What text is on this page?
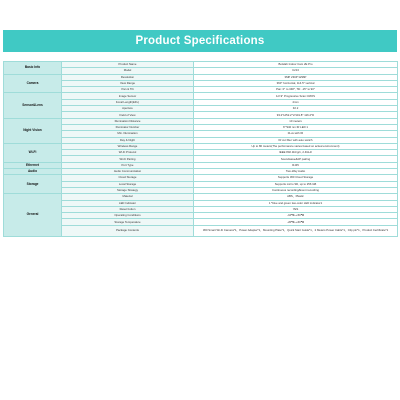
Product Specifications
Basic Info	Product Name	Botslab Indoor Cam 2E Pro
	Model	C213
Camera	Resolution	3MP 2304*1296P
	View Range	360° horizontal, 114.5° vertical
	Pan & Tilt	Pan: 0° to 348°, Tilt: -15° to 90°
Sensor&Lens	Image Sensor	1/2.9" Progressive Scan CMOS
	Focal Length(EFL)	4mm
	Aperture	F2.2
	Field of View	93.2°H/52.2°V/101.8° 116.2°D
Night Vision	Illumination Distance	10 meters
	Illuminator Number	8 *940 nm IR LED 1
	Min. Illumination	0Lux with IR
	Day & Night	IR cut filter with auto switch
Wi-Fi	Wireless Range	Up to 80 meters(The performance varies based on actual environment)
	Wi-Fi Protocol	IEEE 802.11b/g/n, 2.4GHz
	Wi-Fi Pairing	Soundwave&AP pairing
Ethernet	Port Type	RJ45
Audio	Audio Communication	Two-Way Audio
Storage	Cloud Storage	Supports 360 Cloud Storage
	Local Storage	Supports micro SD, up to 256 GB
	Storage Strategy	Continuous recording/Event recording
General	Material	ABS、Plastic
	LED Indicator	1 *blue and green two-color LED indicator1
	Reset button	YES
	Operating Conditions	-10℃~+50℃
	Storage Temperature	-20℃~+60℃
	Package Contents	360 Smart Wi-Fi Camera*1、Power Adapter*1、Mounting Plate*1、Quick Start Guide*1、2 Meters Power Cable*1、Clip pin*1、Product Certificate*1
